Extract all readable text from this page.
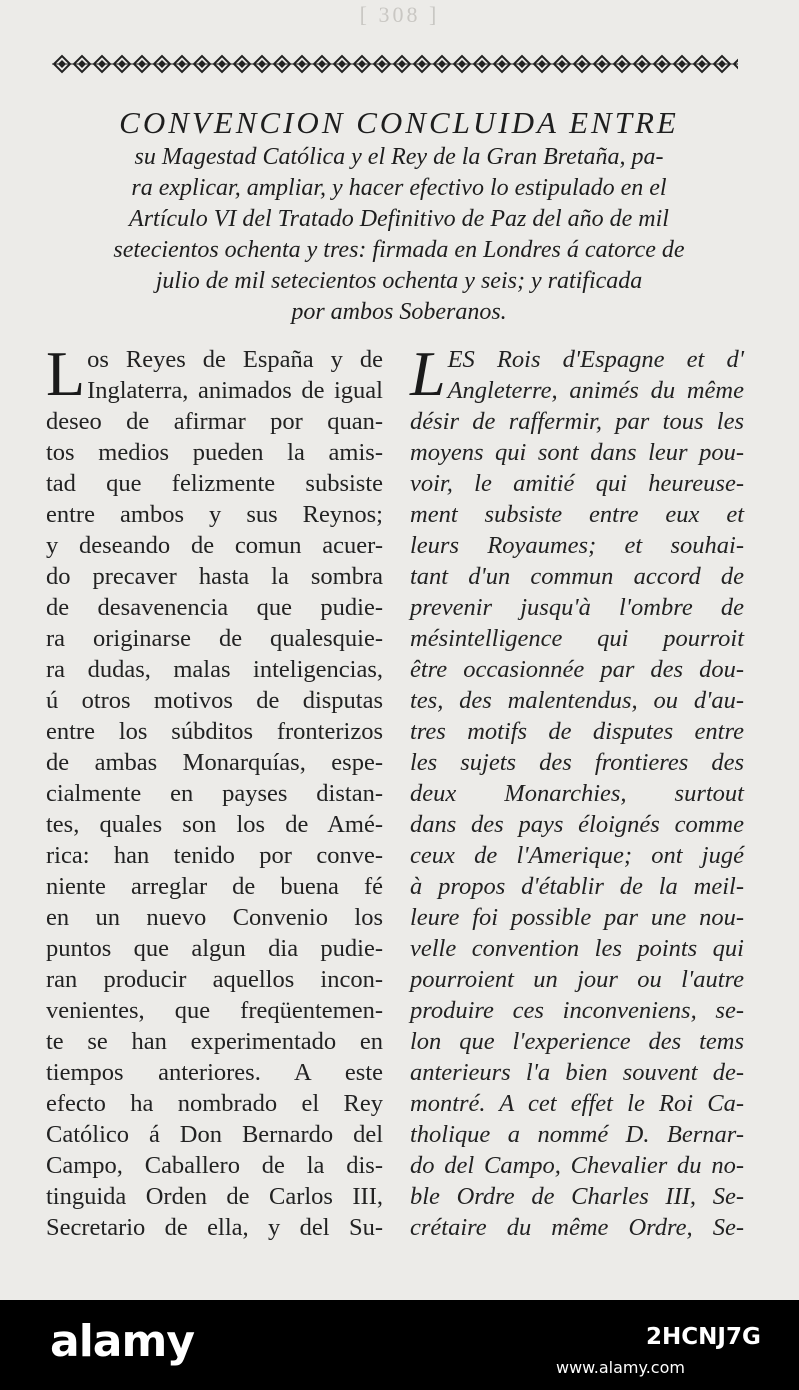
[ 308 ]
CONVENCION CONCLUIDA ENTRE
su Magestad Católica y el Rey de la Gran Bretaña, pa-
ra explicar, ampliar, y hacer efectivo lo estipulado en el
Artículo VI del Tratado Definitivo de Paz del año de mil
setecientos ochenta y tres: firmada en Londres á catorce de
julio de mil setecientos ochenta y seis; y ratificada
por ambos Soberanos.
L os Reyes de España y de
Inglaterra, animados de igual
deseo de afirmar por quan-
tos medios pueden la amis-
tad que felizmente subsiste
entre ambos y sus Reynos;
y deseando de comun acuer-
do precaver hasta la sombra
de desavenencia que pudie-
ra originarse de qualesquie-
ra dudas, malas inteligencias,
ú otros motivos de disputas
entre los súbditos fronterizos
de ambas Monarquías, espe-
cialmente en payses distan-
tes, quales son los de Amé-
rica: han tenido por conve-
niente arreglar de buena fé
en un nuevo Convenio los
puntos que algun dia pudie-
ran producir aquellos incon-
venientes, que freqüentemen-
te se han experimentado en
tiempos anteriores. A este
efecto ha nombrado el Rey
Católico á Don Bernardo del
Campo, Caballero de la dis-
tinguida Orden de Carlos III,
Secretario de ella, y del Su-
L ES Rois d'Espagne et d'
Angleterre, animés du même
désir de raffermir, par tous les
moyens qui sont dans leur pou-
voir, le amitié qui heureuse-
ment subsiste entre eux et
leurs Royaumes; et souhai-
tant d'un commun accord de
prevenir jusqu'à l'ombre de
mésintelligence qui pourroit
être occasionnée par des dou-
tes, des malentendus, ou d'au-
tres motifs de disputes entre
les sujets des frontieres des
deux Monarchies, surtout
dans des pays éloignés comme
ceux de l'Amerique; ont jugé
à propos d'établir de la meil-
leure foi possible par une nou-
velle convention les points qui
pourroient un jour ou l'autre
produire ces inconveniens, se-
lon que l'experience des tems
anterieurs l'a bien souvent de-
montré. A cet effet le Roi Ca-
tholique a nommé D. Bernar-
do del Campo, Chevalier du no-
ble Ordre de Charles III, Se-
crétaire du même Ordre, Se-
alamy	2HCNJ7G
www.alamy.com
